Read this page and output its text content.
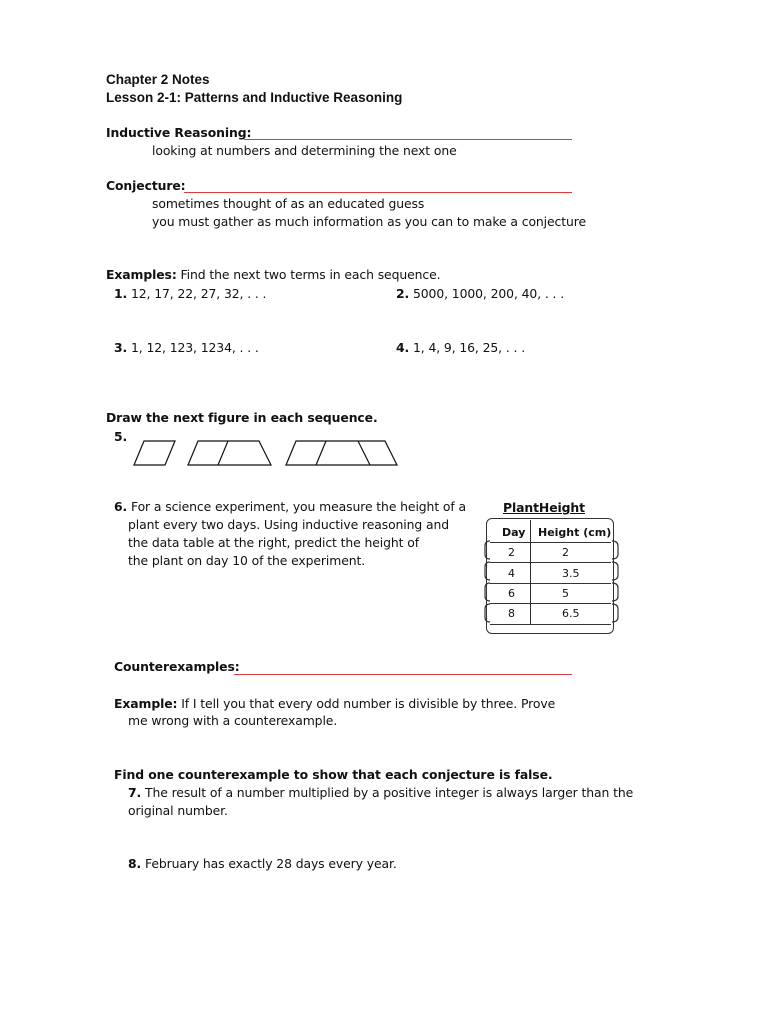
Chapter 2 Notes
Lesson 2-1: Patterns and Inductive Reasoning
Inductive Reasoning:
looking at numbers and determining the next one
Conjecture:
sometimes thought of as an educated guess
you must gather as much information as you can to make a conjecture
Examples: Find the next two terms in each sequence.
1. 12, 17, 22, 27, 32, . . .	2. 5000, 1000, 200, 40, . . .
3. 1, 12, 123, 1234, . . .	4. 1, 4, 9, 16, 25, . . .
Draw the next figure in each sequence.
5.
6. For a science experiment, you measure the height of a
plant every two days. Using inductive reasoning and
the data table at the right, predict the height of
the plant on day 10 of the experiment.
PlantHeight
Day Height (cm)
2	2
4	3.5
6	5
8	6.5
Counterexamples:
Example: If I tell you that every odd number is divisible by three. Prove
me wrong with a counterexample.
Find one counterexample to show that each conjecture is false.
7. The result of a number multiplied by a positive integer is always larger than the
original number.
8. February has exactly 28 days every year.
